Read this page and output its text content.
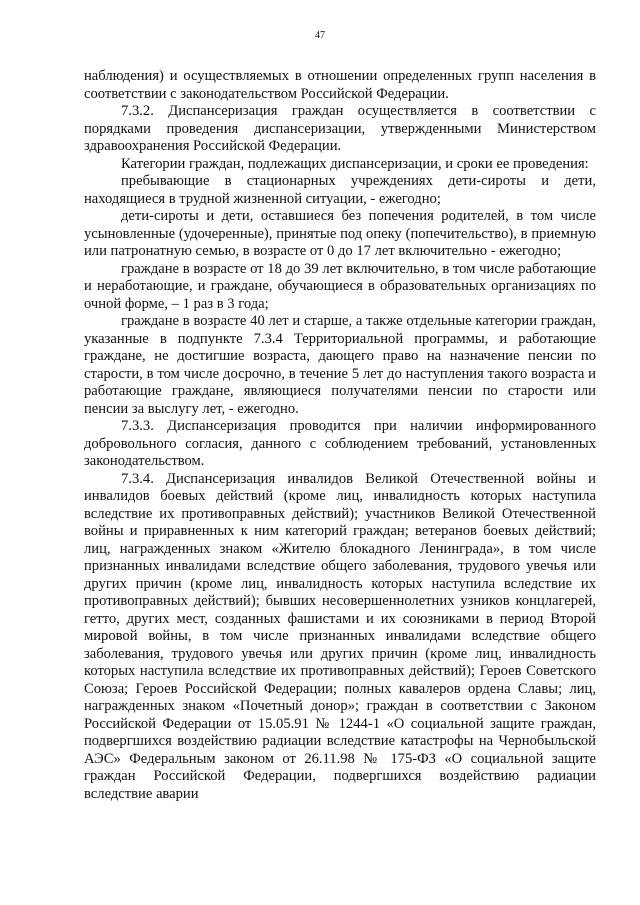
47

наблюдения) и осуществляемых в отношении определенных групп населения в соответствии с законодательством Российской Федерации.

7.3.2. Диспансеризация граждан осуществляется в соответствии с порядками проведения диспансеризации, утвержденными Министерством здравоохранения Российской Федерации.

Категории граждан, подлежащих диспансеризации, и сроки ее проведения:

пребывающие в стационарных учреждениях дети-сироты и дети, находящиеся в трудной жизненной ситуации, - ежегодно;

дети-сироты и дети, оставшиеся без попечения родителей, в том числе усыновленные (удочеренные), принятые под опеку (попечительство), в приемную или патронатную семью, в возрасте от 0 до 17 лет включительно - ежегодно;

граждане в возрасте от 18 до 39 лет включительно, в том числе работающие и неработающие, и граждане, обучающиеся в образовательных организациях по очной форме, – 1 раз в 3 года;

граждане в возрасте 40 лет и старше, а также отдельные категории граждан, указанные в подпункте 7.3.4 Территориальной программы, и работающие граждане, не достигшие возраста, дающего право на назначение пенсии по старости, в том числе досрочно, в течение 5 лет до наступления такого возраста и работающие граждане, являющиеся получателями пенсии по старости или пенсии за выслугу лет, - ежегодно.

7.3.3. Диспансеризация проводится при наличии информированного добровольного согласия, данного с соблюдением требований, установленных законодательством.

7.3.4. Диспансеризация инвалидов Великой Отечественной войны и инвалидов боевых действий (кроме лиц, инвалидность которых наступила вследствие их противоправных действий); участников Великой Отечественной войны и приравненных к ним категорий граждан; ветеранов боевых действий; лиц, награжденных знаком «Жителю блокадного Ленинграда», в том числе признанных инвалидами вследствие общего заболевания, трудового увечья или других причин (кроме лиц, инвалидность которых наступила вследствие их противоправных действий); бывших несовершеннолетних узников концлагерей, гетто, других мест, созданных фашистами и их союзниками в период Второй мировой войны, в том числе признанных инвалидами вследствие общего заболевания, трудового увечья или других причин (кроме лиц, инвалидность которых наступила вследствие их противоправных действий); Героев Советского Союза; Героев Российской Федерации; полных кавалеров ордена Славы; лиц, награжденных знаком «Почетный донор»; граждан в соответствии с Законом Российской Федерации от 15.05.91 № 1244-1 «О социальной защите граждан, подвергшихся воздействию радиации вследствие катастрофы на Чернобыльской АЭС» Федеральным законом от 26.11.98 № 175-ФЗ «О социальной защите граждан Российской Федерации, подвергшихся воздействию радиации вследствие аварии
